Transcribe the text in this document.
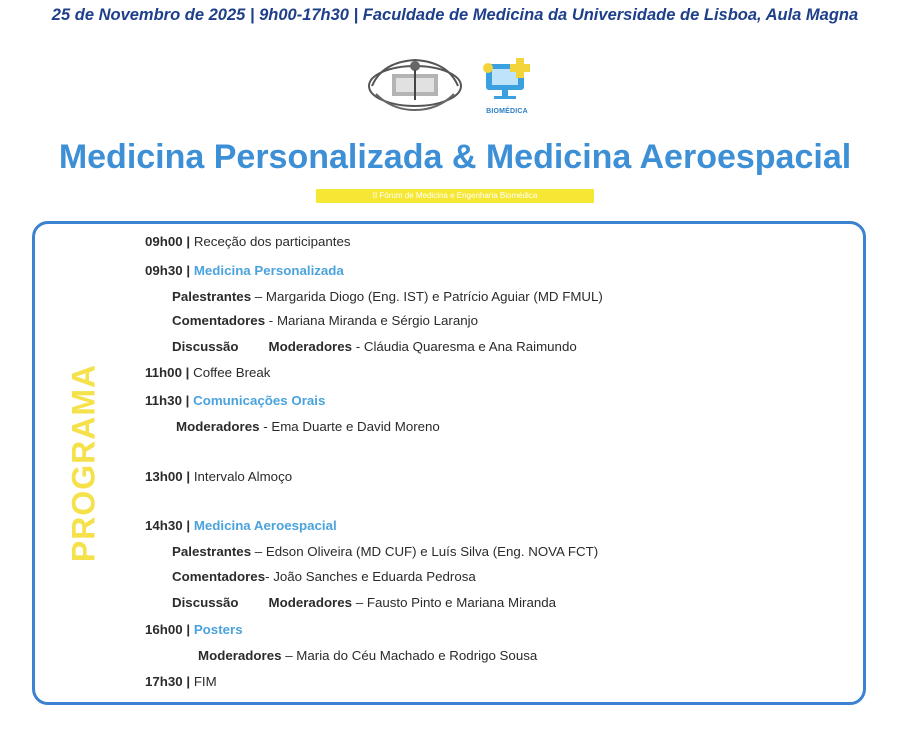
25 de Novembro de 2025 | 9h00-17h30 | Faculdade de Medicina da Universidade de Lisboa, Aula Magna
BIOMÉDICA
Medicina Personalizada & Medicina Aeroespacial
II Fórum de Medicina e Engenharia Biomédica
PROGRAMA
09h00 | Receção dos participantes
09h30 | Medicina Personalizada
Palestrantes – Margarida Diogo (Eng. IST) e Patrício Aguiar (MD FMUL)
Comentadores - Mariana Miranda e Sérgio Laranjo
Discussão Moderadores - Cláudia Quaresma e Ana Raimundo
11h00 | Coffee Break
11h30 | Comunicações Orais
Moderadores - Ema Duarte e David Moreno
13h00 | Intervalo Almoço
14h30 | Medicina Aeroespacial
Palestrantes – Edson Oliveira (MD CUF) e Luís Silva (Eng. NOVA FCT)
Comentadores- João Sanches e Eduarda Pedrosa
Discussão Moderadores – Fausto Pinto e Mariana Miranda
16h00 | Posters
Moderadores – Maria do Céu Machado e Rodrigo Sousa
17h30 | FIM
